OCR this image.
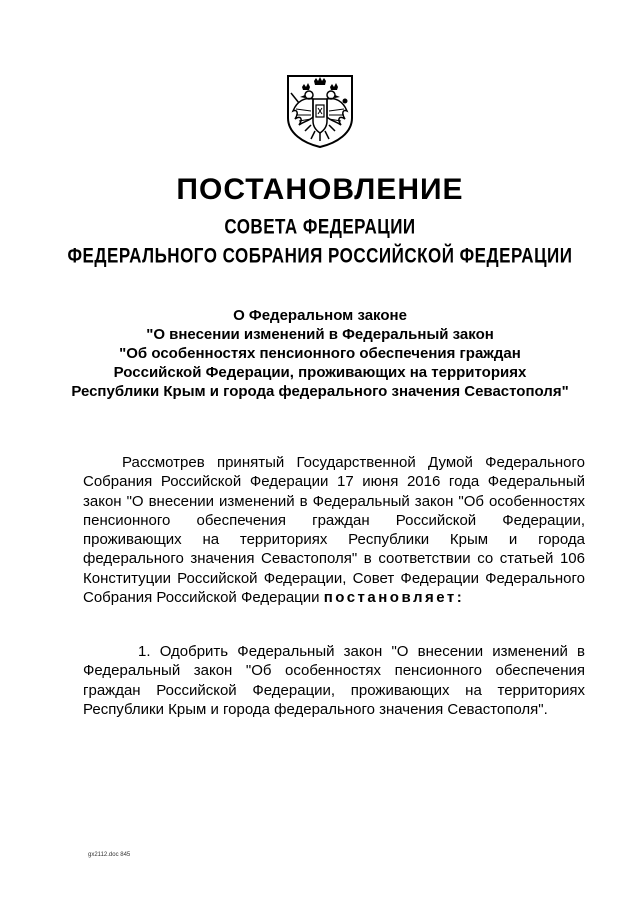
ПОСТАНОВЛЕНИЕ
СОВЕТА ФЕДЕРАЦИИ
ФЕДЕРАЛЬНОГО СОБРАНИЯ РОССИЙСКОЙ ФЕДЕРАЦИИ
О Федеральном законе
"О внесении изменений в Федеральный закон
"Об особенностях пенсионного обеспечения граждан
Российской Федерации, проживающих на территориях
Республики Крым и города федерального значения Севастополя"

Рассмотрев принятый Государственной Думой Федерального Собрания Российской Федерации 17 июня 2016 года Федеральный закон "О внесении изменений в Федеральный закон "Об особенностях пенсионного обеспечения граждан Российской Федерации, проживающих на территориях Республики Крым и города федерального значения Севастополя" в соответствии со статьей 106 Конституции Российской Федерации, Совет Федерации Федерального Собрания Российской Федерации постановляет:

1. Одобрить Федеральный закон "О внесении изменений в Федеральный закон "Об особенностях пенсионного обеспечения граждан Российской Федерации, проживающих на территориях Республики Крым и города федерального значения Севастополя".

gx2112.doc 845
